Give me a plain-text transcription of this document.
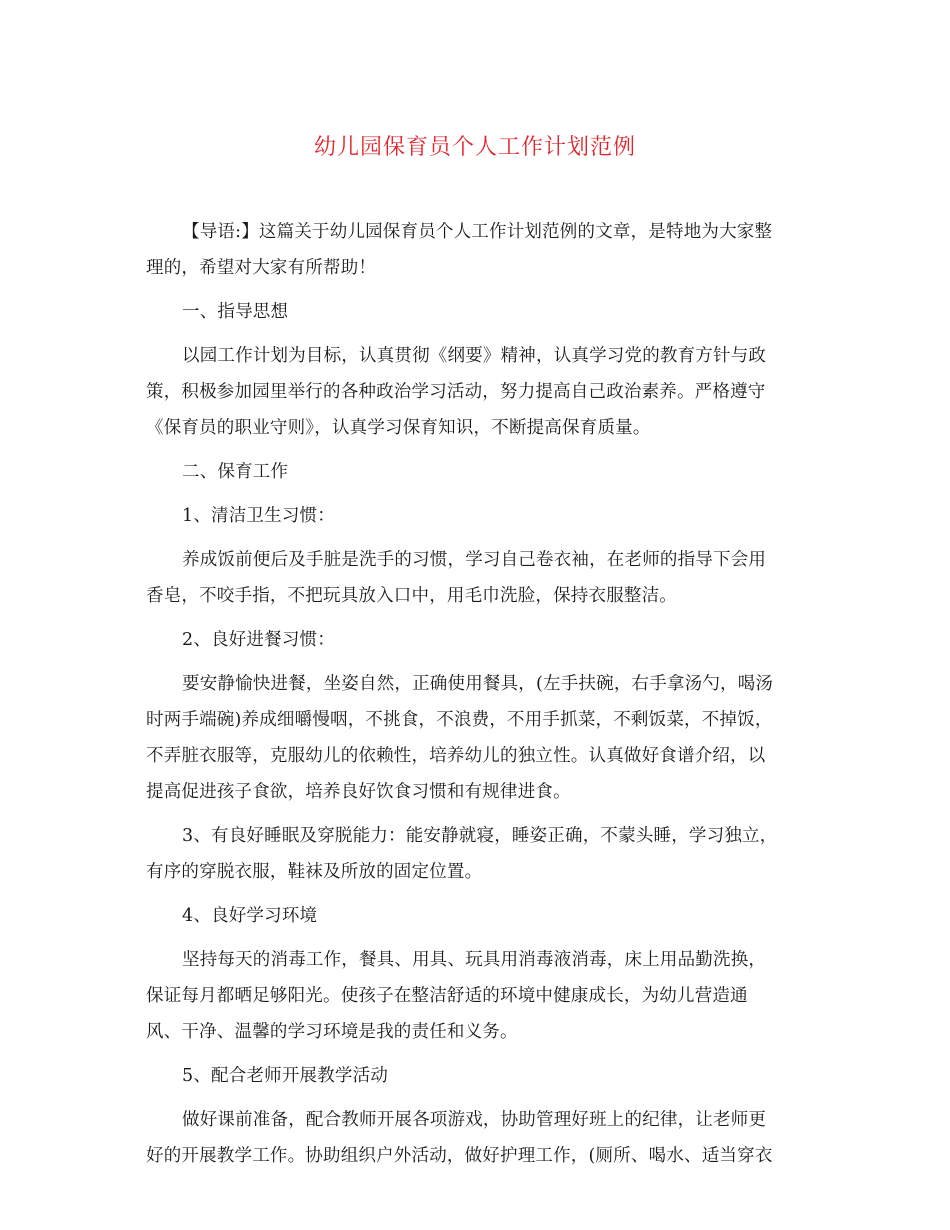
幼儿园保育员个人工作计划范例

【导语:】这篇关于幼儿园保育员个人工作计划范例的文章，是特地为大家整
理的，希望对大家有所帮助！

一、指导思想

以园工作计划为目标，认真贯彻《纲要》精神，认真学习党的教育方针与政
策，积极参加园里举行的各种政治学习活动，努力提高自己政治素养。严格遵守
《保育员的职业守则》，认真学习保育知识，不断提高保育质量。

二、保育工作

1、清洁卫生习惯：

养成饭前便后及手脏是洗手的习惯，学习自己卷衣袖，在老师的指导下会用
香皂，不咬手指，不把玩具放入口中，用毛巾洗脸，保持衣服整洁。

2、良好进餐习惯：

要安静愉快进餐，坐姿自然，正确使用餐具，(左手扶碗，右手拿汤勺，喝汤
时两手端碗)养成细嚼慢咽，不挑食，不浪费，不用手抓菜，不剩饭菜，不掉饭，
不弄脏衣服等，克服幼儿的依赖性，培养幼儿的独立性。认真做好食谱介绍，以
提高促进孩子食欲，培养良好饮食习惯和有规律进食。

3、有良好睡眠及穿脱能力：能安静就寝，睡姿正确，不蒙头睡，学习独立，
有序的穿脱衣服，鞋袜及所放的固定位置。

4、良好学习环境

坚持每天的消毒工作，餐具、用具、玩具用消毒液消毒，床上用品勤洗换，
保证每月都晒足够阳光。使孩子在整洁舒适的环境中健康成长，为幼儿营造通
风、干净、温馨的学习环境是我的责任和义务。

5、配合老师开展教学活动

做好课前准备，配合教师开展各项游戏，协助管理好班上的纪律，让老师更
好的开展教学工作。协助组织户外活动，做好护理工作，(厕所、喝水、适当穿衣
